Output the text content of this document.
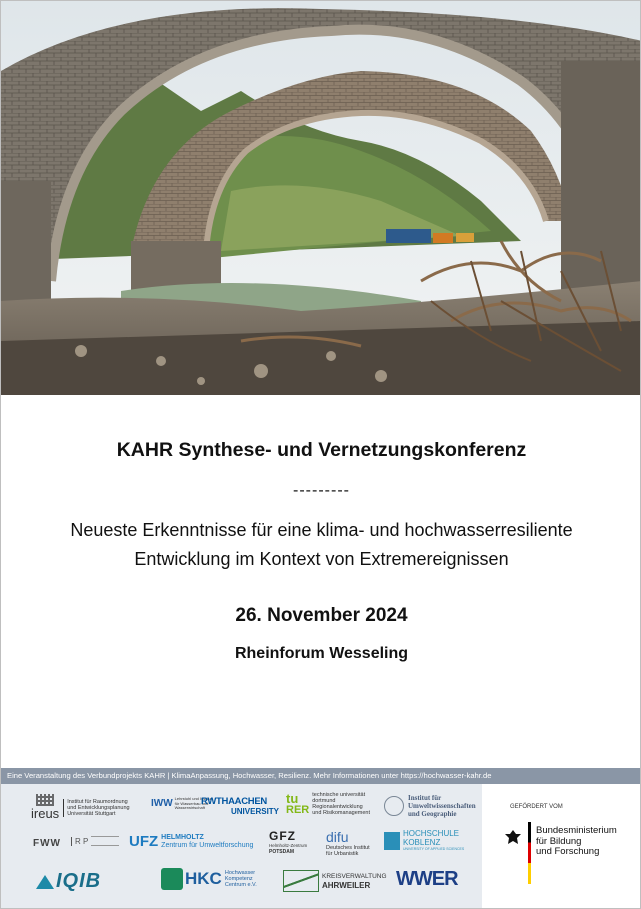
KAHR Synthese- und Vernetzungskonferenz
---------
Neueste Erkenntnisse für eine klima- und hochwasserresiliente
Entwicklung im Kontext von Extremereignissen
26. November 2024
Rheinforum Wesseling
Eine Veranstaltung des Verbundprojekts KAHR | KlimaAnpassung, Hochwasser, Resilienz. Mehr Informationen unter https://hochwasser-kahr.de
ireus
Institut für Raumordnung
und Entwicklungsplanung
Universität Stuttgart
IWW Lehrstuhl und Institut für Wasserbau und Wasserwirtschaft
RWTHAACHEN
UNIVERSITY
tu
RER
technische universität
dortmund
Regionalentwicklung
und Risikomanagement
Institut für
Umweltwissenschaften
und Geographie
FWW	R P	UFZ HELMHOLTZ
Zentrum für Umweltforschung
GFZ
Helmholtz-Zentrum
POTSDAM
difu
Deutsches Institut
für Urbanistik
HOCHSCHULE
KOBLENZ
UNIVERSITY OF APPLIED SCIENCES
IQIB	HKC Hochwasser
Kompetenz
Centrum e.V.
KREISVERWALTUNG
AHRWEILER	WWER
GEFÖRDERT VOM
Bundesministerium
für Bildung
und Forschung
